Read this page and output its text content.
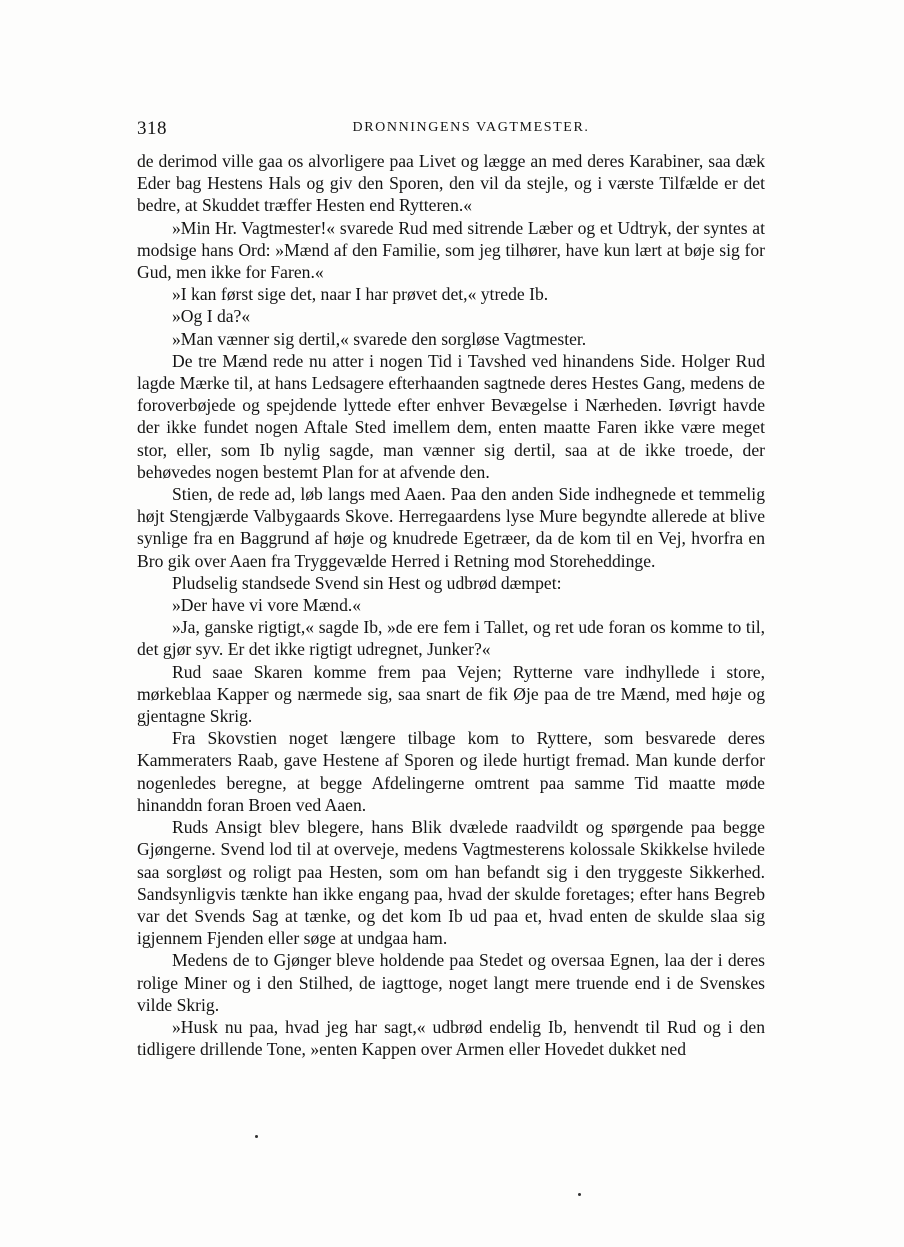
318	DRONNINGENS VAGTMESTER.

de derimod ville gaa os alvorligere paa Livet og lægge an med deres Karabiner, saa dæk Eder bag Hestens Hals og giv den Sporen, den vil da stejle, og i værste Tilfælde er det bedre, at Skuddet træffer Hesten end Rytteren.«

»Min Hr. Vagtmester!« svarede Rud med sitrende Læber og et Udtryk, der syntes at modsige hans Ord: »Mænd af den Familie, som jeg tilhører, have kun lært at bøje sig for Gud, men ikke for Faren.«

»I kan først sige det, naar I har prøvet det,« ytrede Ib.

»Og I da?«

»Man vænner sig dertil,« svarede den sorgløse Vagtmester.

De tre Mænd rede nu atter i nogen Tid i Tavshed ved hinandens Side. Holger Rud lagde Mærke til, at hans Ledsagere efterhaanden sagtnede deres Hestes Gang, medens de foroverbøjede og spejdende lyttede efter enhver Bevægelse i Nærheden. Iøvrigt havde der ikke fundet nogen Aftale Sted imellem dem, enten maatte Faren ikke være meget stor, eller, som Ib nylig sagde, man vænner sig dertil, saa at de ikke troede, der behøvedes nogen bestemt Plan for at afvende den.

Stien, de rede ad, løb langs med Aaen. Paa den anden Side indhegnede et temmelig højt Stengjærde Valbygaards Skove. Herregaardens lyse Mure begyndte allerede at blive synlige fra en Baggrund af høje og knudrede Egetræer, da de kom til en Vej, hvorfra en Bro gik over Aaen fra Tryggevælde Herred i Retning mod Storeheddinge.

Pludselig standsede Svend sin Hest og udbrød dæmpet:

»Der have vi vore Mænd.«

»Ja, ganske rigtigt,« sagde Ib, »de ere fem i Tallet, og ret ude foran os komme to til, det gjør syv. Er det ikke rigtigt udregnet, Junker?«

Rud saae Skaren komme frem paa Vejen; Rytterne vare indhyllede i store, mørkeblaa Kapper og nærmede sig, saa snart de fik Øje paa de tre Mænd, med høje og gjentagne Skrig.

Fra Skovstien noget længere tilbage kom to Ryttere, som besvarede deres Kammeraters Raab, gave Hestene af Sporen og ilede hurtigt fremad. Man kunde derfor nogenledes beregne, at begge Afdelingerne omtrent paa samme Tid maatte møde hinanddn foran Broen ved Aaen.

Ruds Ansigt blev blegere, hans Blik dvælede raadvildt og spørgende paa begge Gjøngerne. Svend lod til at overveje, medens Vagtmesterens kolossale Skikkelse hvilede saa sorgløst og roligt paa Hesten, som om han befandt sig i den tryggeste Sikkerhed. Sandsynligvis tænkte han ikke engang paa, hvad der skulde foretages; efter hans Begreb var det Svends Sag at tænke, og det kom Ib ud paa et, hvad enten de skulde slaa sig igjennem Fjenden eller søge at undgaa ham.

Medens de to Gjønger bleve holdende paa Stedet og oversaa Egnen, laa der i deres rolige Miner og i den Stilhed, de iagttoge, noget langt mere truende end i de Svenskes vilde Skrig.

»Husk nu paa, hvad jeg har sagt,« udbrød endelig Ib, henvendt til Rud og i den tidligere drillende Tone, »enten Kappen over Armen eller Hovedet dukket ned
